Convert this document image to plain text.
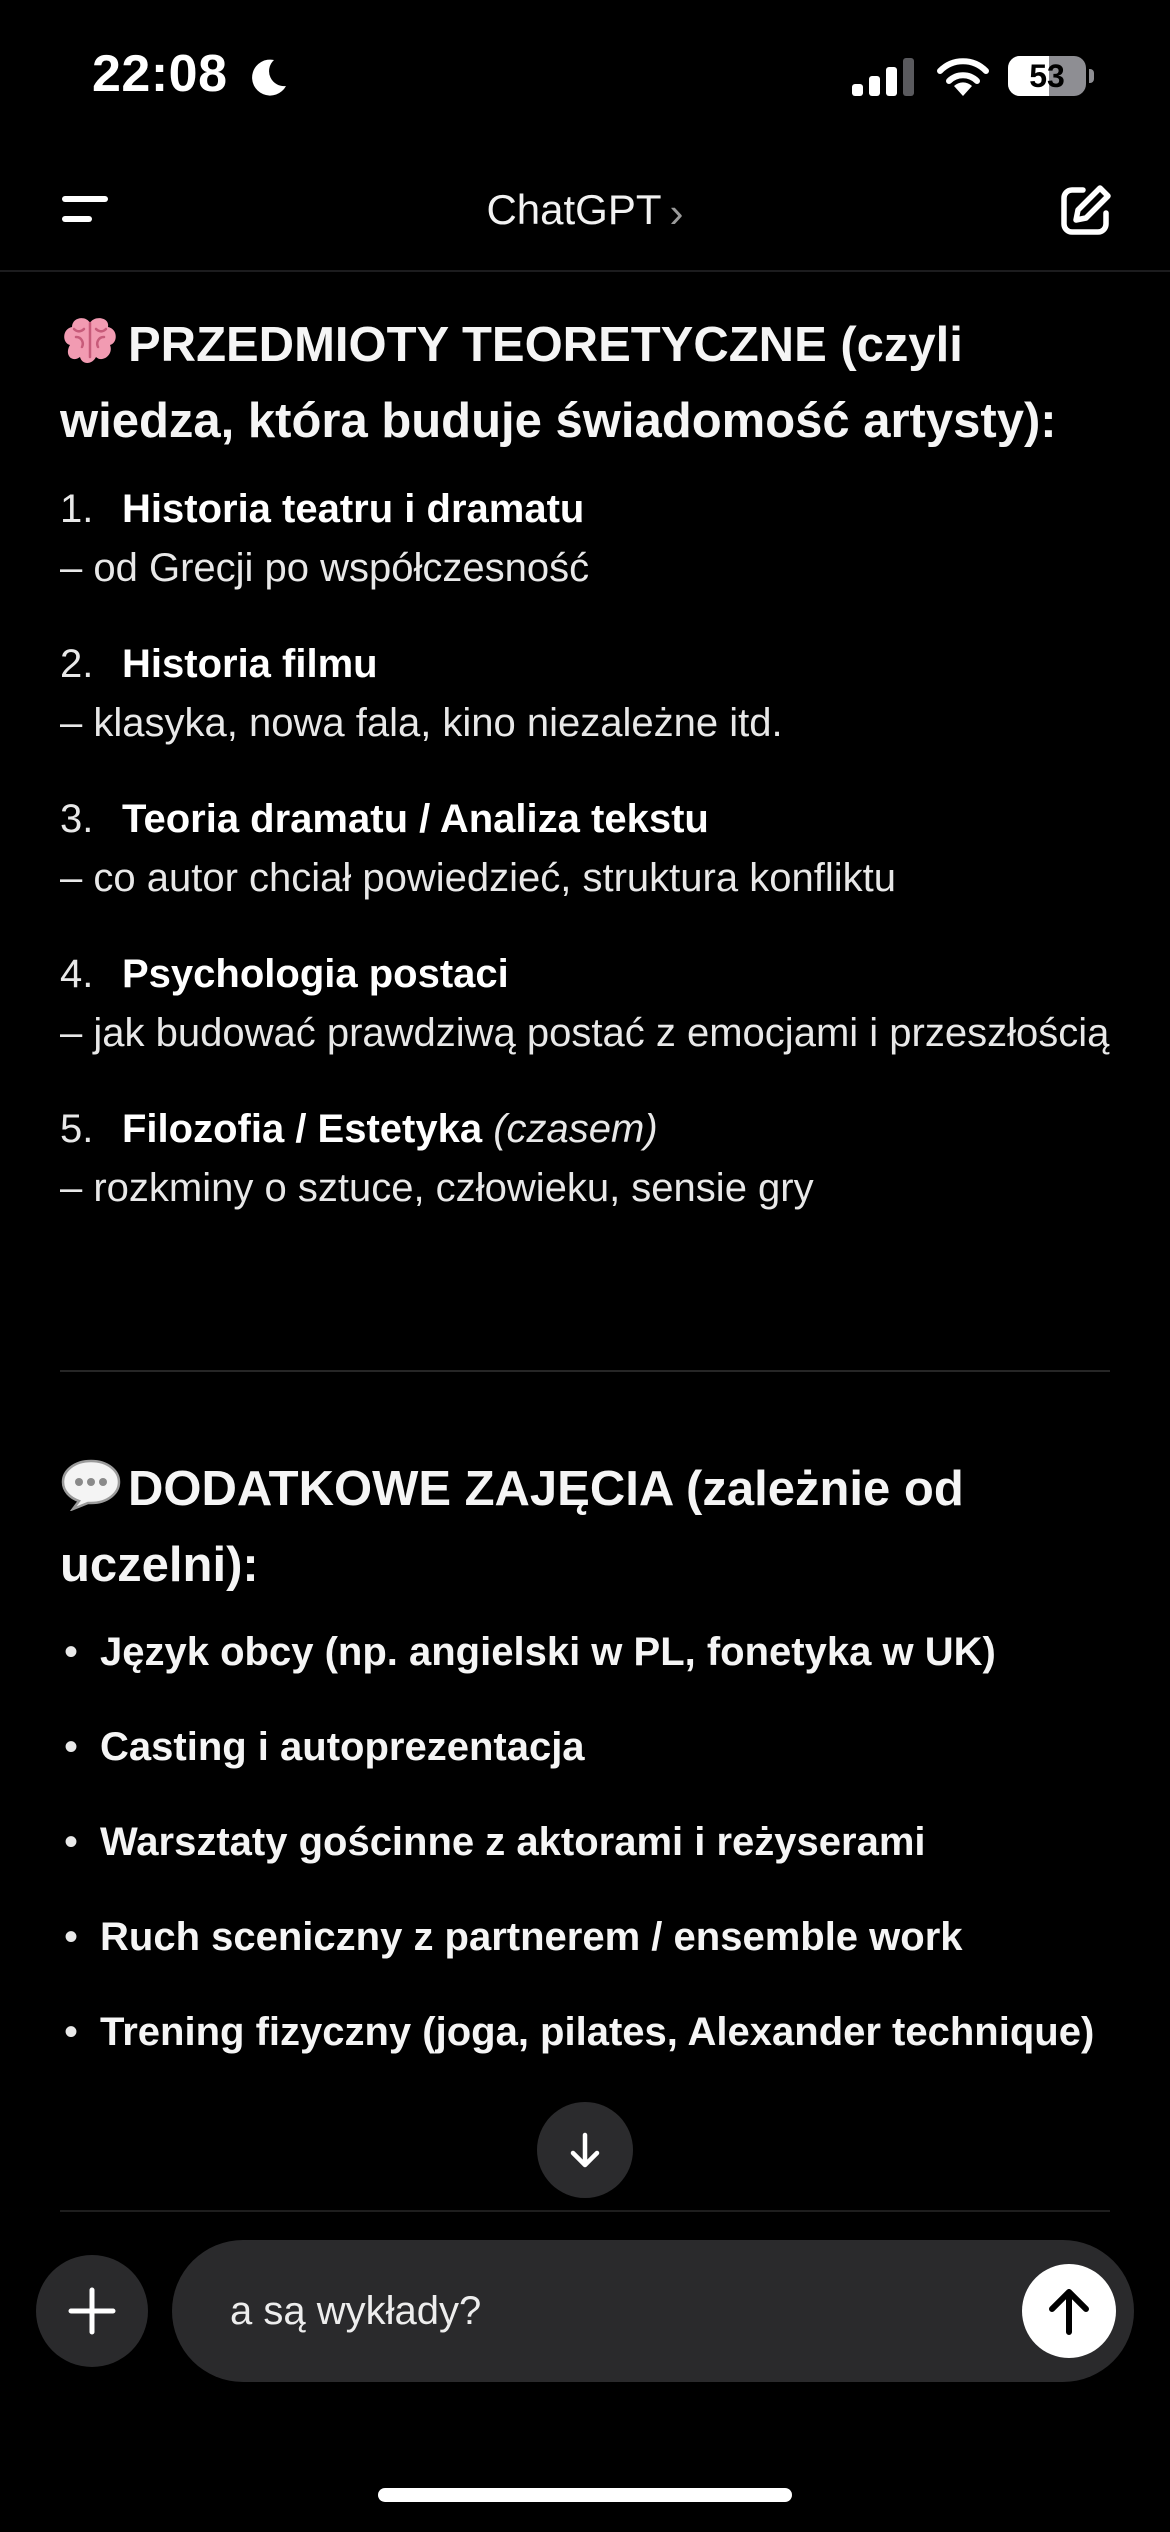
22:08	53
ChatGPT ›
PRZEDMIOTY TEORETYCZNE (czyli wiedza, która buduje świadomość artysty):
1. Historia teatru i dramatu
– od Grecji po współczesność
2. Historia filmu
– klasyka, nowa fala, kino niezależne itd.
3. Teoria dramatu / Analiza tekstu
– co autor chciał powiedzieć, struktura konfliktu
4. Psychologia postaci
– jak budować prawdziwą postać z emocjami i przeszłością
5. Filozofia / Estetyka (czasem)
– rozkminy o sztuce, człowieku, sensie gry
DODATKOWE ZAJĘCIA (zależnie od uczelni):
• Język obcy (np. angielski w PL, fonetyka w UK)
• Casting i autoprezentacja
• Warsztaty gościnne z aktorami i reżyserami
• Ruch sceniczny z partnerem / ensemble work
• Trening fizyczny (joga, pilates, Alexander technique)
a są wykłady?
